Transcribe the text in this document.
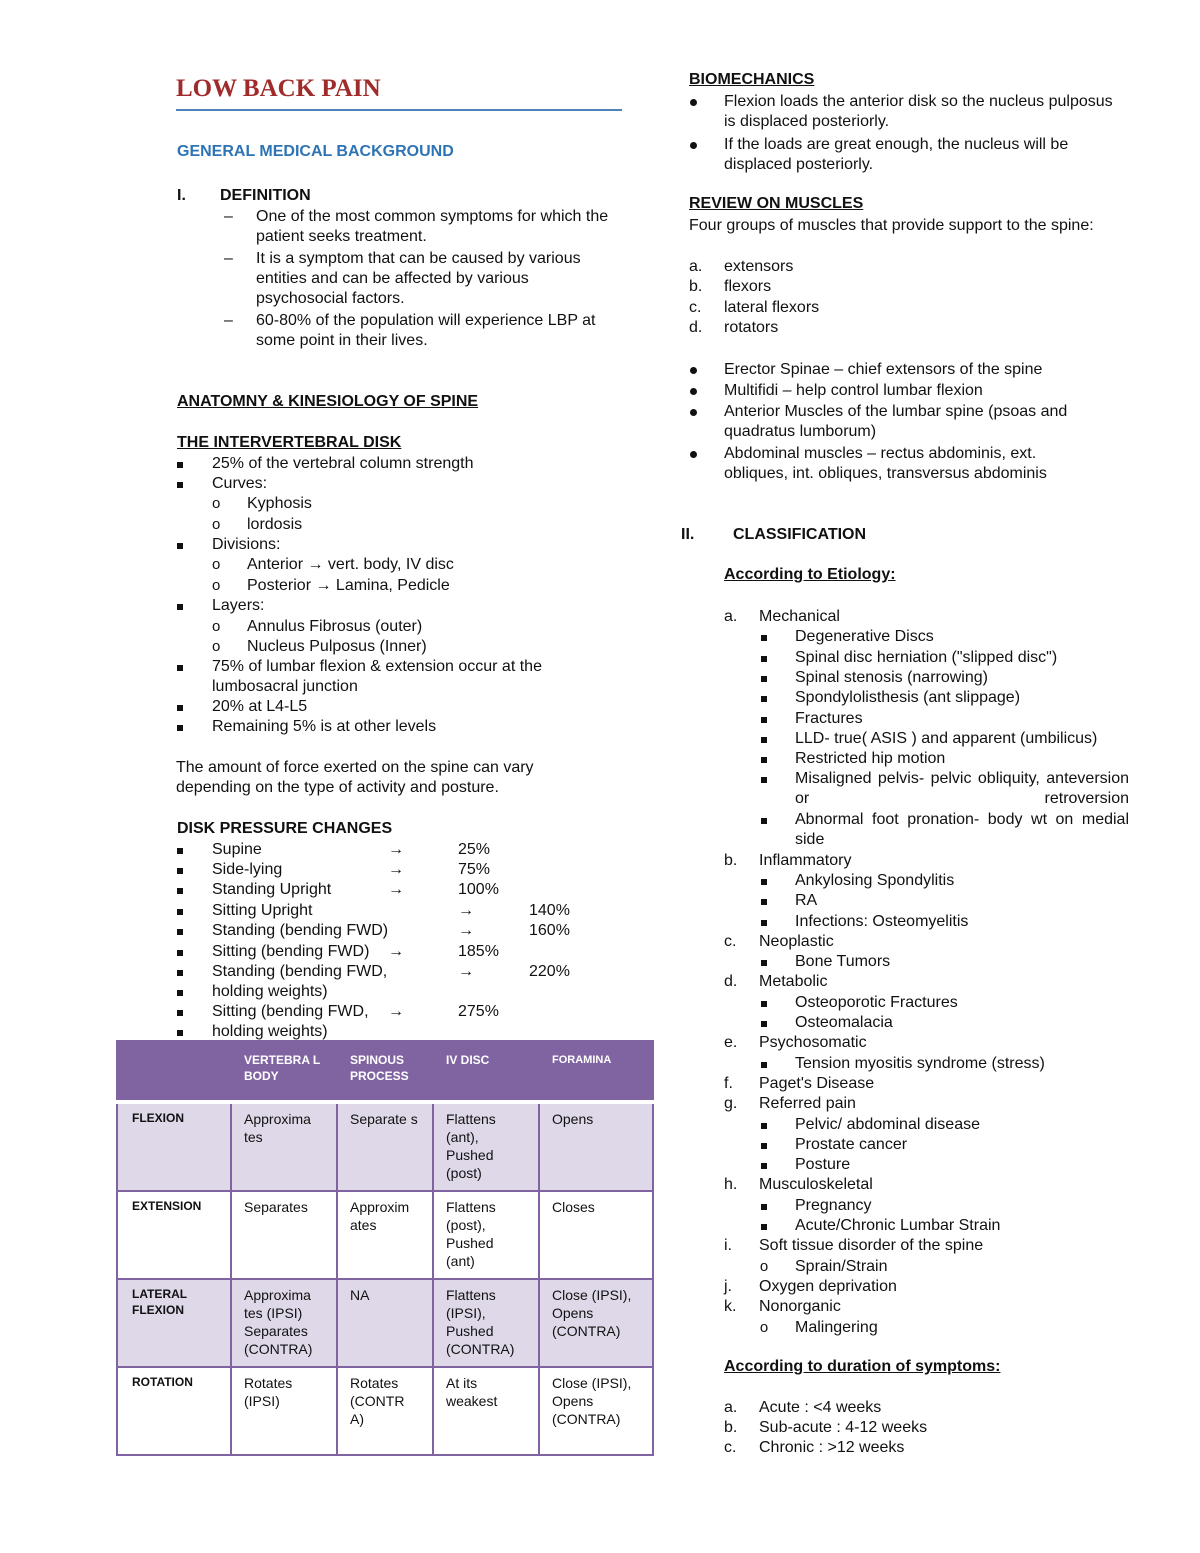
LOW BACK PAIN
GENERAL MEDICAL BACKGROUND
I. DEFINITION
– One of the most common symptoms for which the patient seeks treatment.
– It is a symptom that can be caused by various entities and can be affected by various psychosocial factors.
– 60-80% of the population will experience LBP at some point in their lives.
ANATOMNY & KINESIOLOGY OF SPINE
THE INTERVERTEBRAL DISK
25% of the vertebral column strength
Curves:
o Kyphosis
o lordosis
Divisions:
o Anterior → vert. body, IV disc
o Posterior → Lamina, Pedicle
Layers:
o Annulus Fibrosus (outer)
o Nucleus Pulposus (Inner)
75% of lumbar flexion & extension occur at the lumbosacral junction
20% at L4-L5
Remaining 5% is at other levels
The amount of force exerted on the spine can vary depending on the type of activity and posture.
DISK PRESSURE CHANGES
Supine	→	25%
Side-lying	→	75%
Standing Upright	→	100%
Sitting Upright	→	140%
Standing (bending FWD)	→	160%
Sitting (bending FWD) →	185%
Standing (bending FWD,	→	220%
holding weights)
Sitting (bending FWD, →	275%
holding weights)
	VERTEBRA L BODY	SPINOUS PROCESS	IV DISC	FORAMINA
FLEXION	Approxima tes	Separate s	Flattens (ant), Pushed (post)	Opens
EXTENSION	Separates	Approxim ates	Flattens (post), Pushed (ant)	Closes
LATERAL FLEXION	Approxima tes (IPSI) Separates (CONTRA)	NA	Flattens (IPSI), Pushed (CONTRA)	Close (IPSI), Opens (CONTRA)
ROTATION	Rotates (IPSI)	Rotates (CONTR A)	At its weakest	Close (IPSI), Opens (CONTRA)
BIOMECHANICS
Flexion loads the anterior disk so the nucleus pulposus is displaced posteriorly.
If the loads are great enough, the nucleus will be displaced posteriorly.
REVIEW ON MUSCLES
Four groups of muscles that provide support to the spine:
a. extensors
b. flexors
c. lateral flexors
d. rotators
Erector Spinae – chief extensors of the spine
Multifidi – help control lumbar flexion
Anterior Muscles of the lumbar spine (psoas and quadratus lumborum)
Abdominal muscles – rectus abdominis, ext. obliques, int. obliques, transversus abdominis
II. CLASSIFICATION
According to Etiology:
a. Mechanical
Degenerative Discs
Spinal disc herniation ("slipped disc")
Spinal stenosis (narrowing)
Spondylolisthesis (ant slippage)
Fractures
LLD- true( ASIS ) and apparent (umbilicus)
Restricted hip motion
Misaligned pelvis- pelvic obliquity, anteversion or retroversion
Abnormal foot pronation- body wt on medial side
b. Inflammatory
Ankylosing Spondylitis
RA
Infections: Osteomyelitis
c. Neoplastic
Bone Tumors
d. Metabolic
Osteoporotic Fractures
Osteomalacia
e. Psychosomatic
Tension myositis syndrome (stress)
f. Paget's Disease
g. Referred pain
Pelvic/ abdominal disease
Prostate cancer
Posture
h. Musculoskeletal
Pregnancy
Acute/Chronic Lumbar Strain
i. Soft tissue disorder of the spine
o Sprain/Strain
j. Oxygen deprivation
k. Nonorganic
o Malingering
According to duration of symptoms:
a. Acute : <4 weeks
b. Sub-acute : 4-12 weeks
c. Chronic : >12 weeks
